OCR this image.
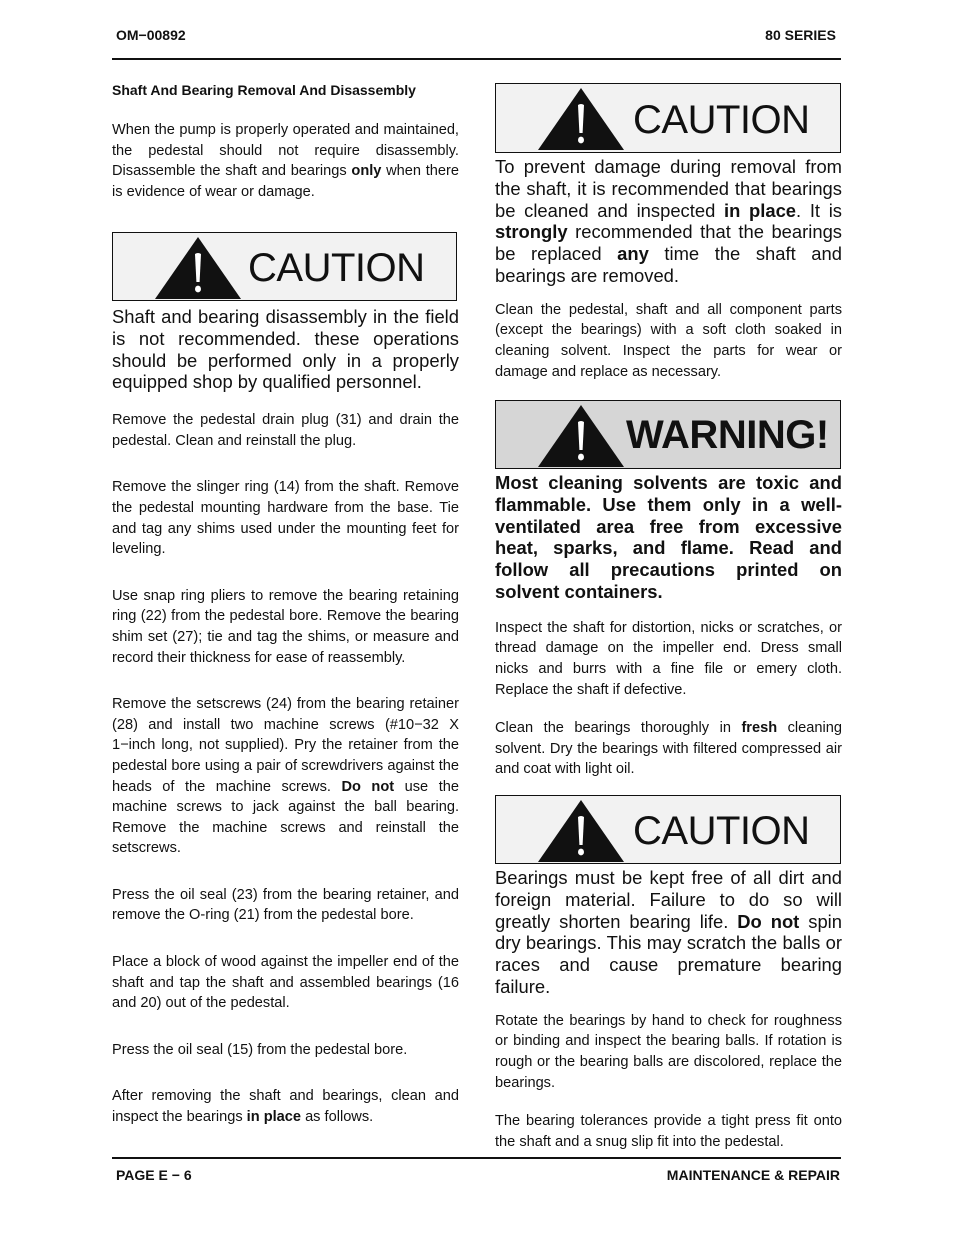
OM−00892	80 SERIES
Shaft And Bearing Removal And Disassembly

When the pump is properly operated and maintained, the pedestal should not require disassembly. Disassemble the shaft and bearings only when there is evidence of wear or damage.

CAUTION

Shaft and bearing disassembly in the field is not recommended. these operations should be performed only in a properly equipped shop by qualified personnel.

Remove the pedestal drain plug (31) and drain the pedestal. Clean and reinstall the plug.

Remove the slinger ring (14) from the shaft. Remove the pedestal mounting hardware from the base. Tie and tag any shims used under the mounting feet for leveling.

Use snap ring pliers to remove the bearing retaining ring (22) from the pedestal bore. Remove the bearing shim set (27); tie and tag the shims, or measure and record their thickness for ease of reassembly.

Remove the setscrews (24) from the bearing retainer (28) and install two machine screws (#10−32 X 1−inch long, not supplied). Pry the retainer from the pedestal bore using a pair of screwdrivers against the heads of the machine screws. Do not use the machine screws to jack against the ball bearing. Remove the machine screws and reinstall the setscrews.

Press the oil seal (23) from the bearing retainer, and remove the O-ring (21) from the pedestal bore.

Place a block of wood against the impeller end of the shaft and tap the shaft and assembled bearings (16 and 20) out of the pedestal.

Press the oil seal (15) from the pedestal bore.

After removing the shaft and bearings, clean and inspect the bearings in place as follows.

CAUTION

To prevent damage during removal from the shaft, it is recommended that bearings be cleaned and inspected in place. It is strongly recommended that the bearings be replaced any time the shaft and bearings are removed.

Clean the pedestal, shaft and all component parts (except the bearings) with a soft cloth soaked in cleaning solvent. Inspect the parts for wear or damage and replace as necessary.

WARNING!

Most cleaning solvents are toxic and flammable. Use them only in a well-ventilated area free from excessive heat, sparks, and flame. Read and follow all precautions printed on solvent containers.

Inspect the shaft for distortion, nicks or scratches, or thread damage on the impeller end. Dress small nicks and burrs with a fine file or emery cloth. Replace the shaft if defective.

Clean the bearings thoroughly in fresh cleaning solvent. Dry the bearings with filtered compressed air and coat with light oil.

CAUTION

Bearings must be kept free of all dirt and foreign material. Failure to do so will greatly shorten bearing life. Do not spin dry bearings. This may scratch the balls or races and cause premature bearing failure.

Rotate the bearings by hand to check for roughness or binding and inspect the bearing balls. If rotation is rough or the bearing balls are discolored, replace the bearings.

The bearing tolerances provide a tight press fit onto the shaft and a snug slip fit into the pedestal.

PAGE E − 6	MAINTENANCE & REPAIR
